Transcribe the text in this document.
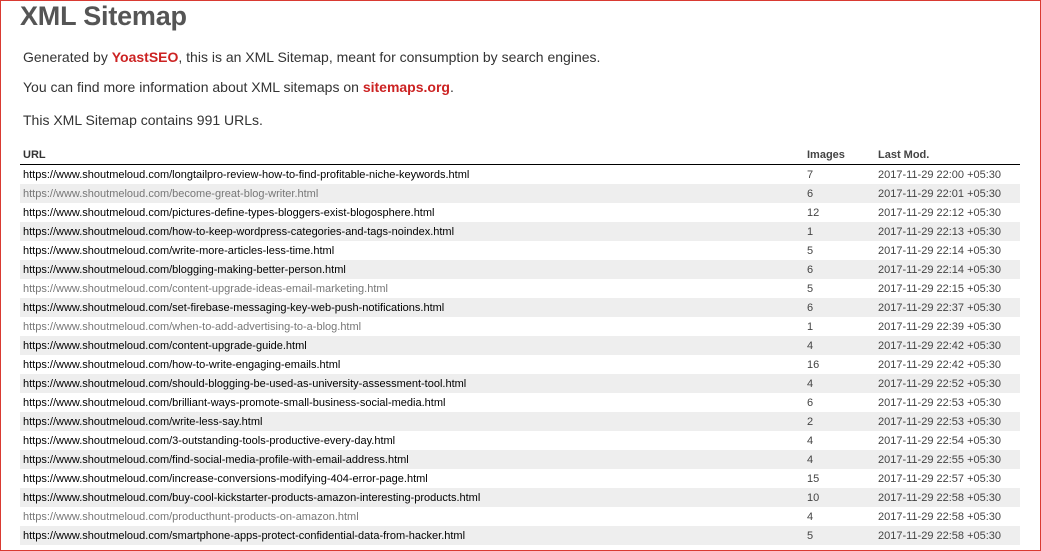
XML Sitemap

Generated by YoastSEO, this is an XML Sitemap, meant for consumption by search engines.

You can find more information about XML sitemaps on sitemaps.org.

This XML Sitemap contains 991 URLs.

URL	Images	Last Mod.
https://www.shoutmeloud.com/longtailpro-review-how-to-find-profitable-niche-keywords.html	7	2017-11-29 22:00 +05:30
https://www.shoutmeloud.com/become-great-blog-writer.html	6	2017-11-29 22:01 +05:30
https://www.shoutmeloud.com/pictures-define-types-bloggers-exist-blogosphere.html	12	2017-11-29 22:12 +05:30
https://www.shoutmeloud.com/how-to-keep-wordpress-categories-and-tags-noindex.html	1	2017-11-29 22:13 +05:30
https://www.shoutmeloud.com/write-more-articles-less-time.html	5	2017-11-29 22:14 +05:30
https://www.shoutmeloud.com/blogging-making-better-person.html	6	2017-11-29 22:14 +05:30
https://www.shoutmeloud.com/content-upgrade-ideas-email-marketing.html	5	2017-11-29 22:15 +05:30
https://www.shoutmeloud.com/set-firebase-messaging-key-web-push-notifications.html	6	2017-11-29 22:37 +05:30
https://www.shoutmeloud.com/when-to-add-advertising-to-a-blog.html	1	2017-11-29 22:39 +05:30
https://www.shoutmeloud.com/content-upgrade-guide.html	4	2017-11-29 22:42 +05:30
https://www.shoutmeloud.com/how-to-write-engaging-emails.html	16	2017-11-29 22:42 +05:30
https://www.shoutmeloud.com/should-blogging-be-used-as-university-assessment-tool.html	4	2017-11-29 22:52 +05:30
https://www.shoutmeloud.com/brilliant-ways-promote-small-business-social-media.html	6	2017-11-29 22:53 +05:30
https://www.shoutmeloud.com/write-less-say.html	2	2017-11-29 22:53 +05:30
https://www.shoutmeloud.com/3-outstanding-tools-productive-every-day.html	4	2017-11-29 22:54 +05:30
https://www.shoutmeloud.com/find-social-media-profile-with-email-address.html	4	2017-11-29 22:55 +05:30
https://www.shoutmeloud.com/increase-conversions-modifying-404-error-page.html	15	2017-11-29 22:57 +05:30
https://www.shoutmeloud.com/buy-cool-kickstarter-products-amazon-interesting-products.html	10	2017-11-29 22:58 +05:30
https://www.shoutmeloud.com/producthunt-products-on-amazon.html	4	2017-11-29 22:58 +05:30
https://www.shoutmeloud.com/smartphone-apps-protect-confidential-data-from-hacker.html	5	2017-11-29 22:58 +05:30
